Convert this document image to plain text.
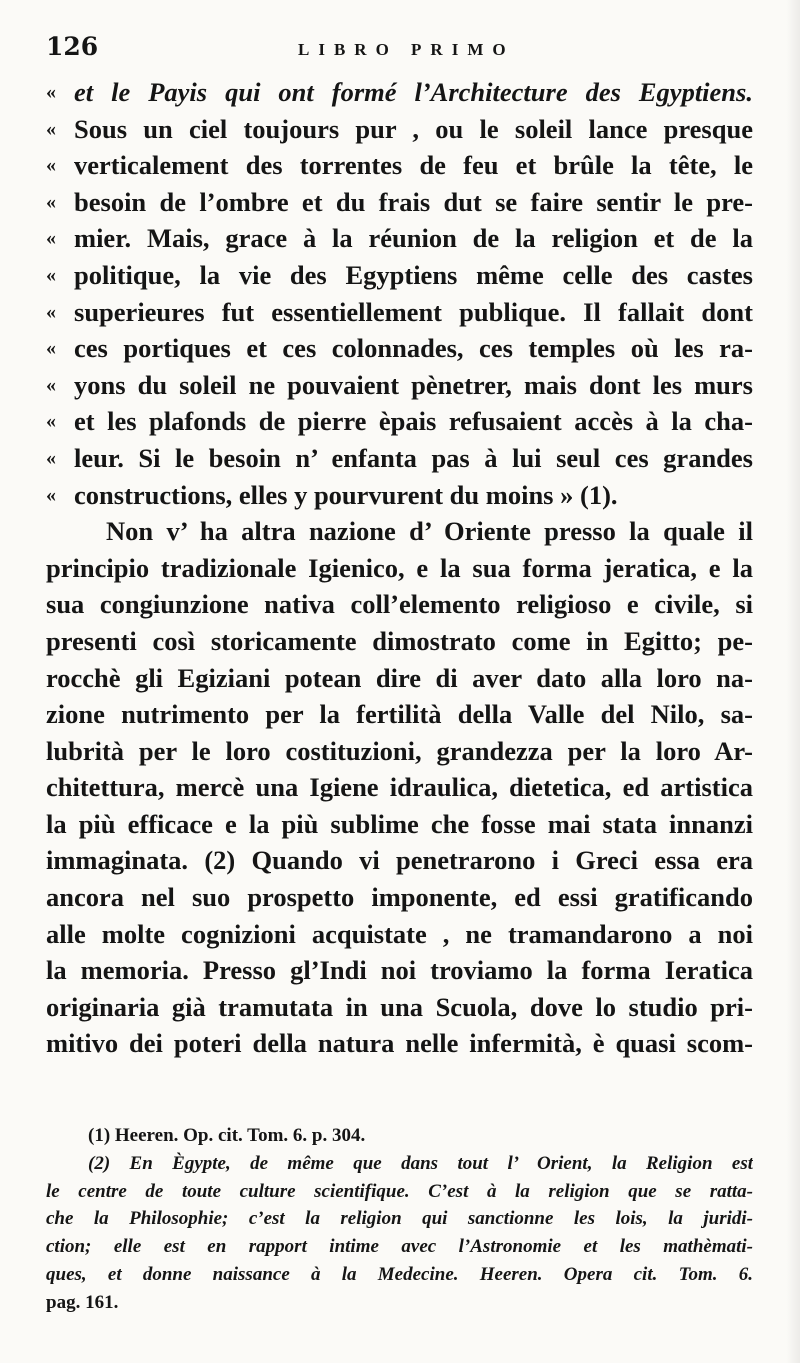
126	LIBRO PRIMO
« et le Payis qui ont formé l’Architecture des Egyptiens.
« Sous un ciel toujours pur , ou le soleil lance presque
« verticalement des torrentes de feu et brûle la tête, le
« besoin de l’ombre et du frais dut se faire sentir le pre-
« mier. Mais, grace à la réunion de la religion et de la
« politique, la vie des Egyptiens même celle des castes
« superieures fut essentiellement publique. Il fallait dont
« ces portiques et ces colonnades, ces temples où les ra-
« yons du soleil ne pouvaient pènetrer, mais dont les murs
« et les plafonds de pierre èpais refusaient accès à la cha-
« leur. Si le besoin n’ enfanta pas à lui seul ces grandes
« constructions, elles y pourvurent du moins » (1).
Non v’ ha altra nazione d’ Oriente presso la quale il
principio tradizionale Igienico, e la sua forma jeratica, e la
sua congiunzione nativa coll’elemento religioso e civile, si
presenti così storicamente dimostrato come in Egitto; pe-
rocchè gli Egiziani potean dire di aver dato alla loro na-
zione nutrimento per la fertilità della Valle del Nilo, sa-
lubrità per le loro costituzioni, grandezza per la loro Ar-
chitettura, mercè una Igiene idraulica, dietetica, ed artistica
la più efficace e la più sublime che fosse mai stata innanzi
immaginata. (2) Quando vi penetrarono i Greci essa era
ancora nel suo prospetto imponente, ed essi gratificando
alle molte cognizioni acquistate , ne tramandarono a noi
la memoria. Presso gl’Indi noi troviamo la forma Ieratica
originaria già tramutata in una Scuola, dove lo studio pri-
mitivo dei poteri della natura nelle infermità, è quasi scom-
(1) Heeren. Op. cit. Tom. 6. p. 304.
(2) En Ègypte, de même que dans tout l’ Orient, la Religion est
le centre de toute culture scientifique. C’est à la religion que se ratta-
che la Philosophie; c’est la religion qui sanctionne les lois, la juridi-
ction; elle est en rapport intime avec l’Astronomie et les mathèmati-
ques, et donne naissance à la Medecine. Heeren. Opera cit. Tom. 6.
pag. 161.
